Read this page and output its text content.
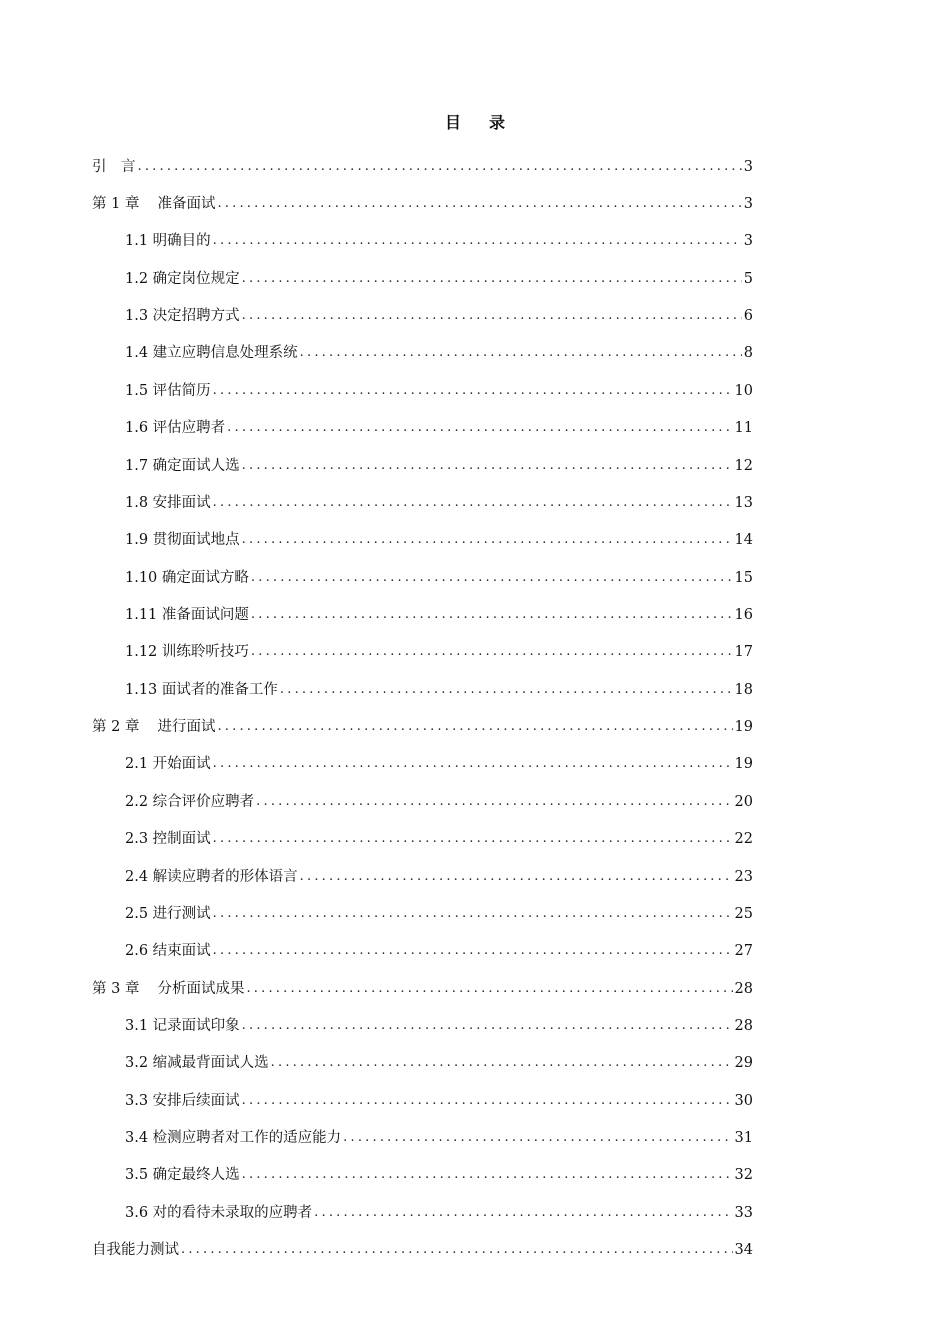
目 录
引　言 .....	3
第 1 章 准备面试 .....	3
1.1 明确目的 .....	3
1.2 确定岗位规定 .....	5
1.3 决定招聘方式 .....	6
1.4 建立应聘信息处理系统 .....	8
1.5 评估简历 .....	10
1.6 评估应聘者 .....	11
1.7 确定面试人选 .....	12
1.8 安排面试 .....	13
1.9 贯彻面试地点 .....	14
1.10 确定面试方略 .....	15
1.11 准备面试问题 .....	16
1.12 训练聆听技巧 .....	17
1.13 面试者的准备工作 .....	18
第 2 章 进行面试 .....	19
2.1 开始面试 .....	19
2.2 综合评价应聘者 .....	20
2.3 控制面试 .....	22
2.4 解读应聘者的形体语言 .....	23
2.5 进行测试 .....	25
2.6 结束面试 .....	27
第 3 章 分析面试成果 .....	28
3.1 记录面试印象 .....	28
3.2 缩减最背面试人选 .....	29
3.3 安排后续面试 .....	30
3.4 检测应聘者对工作的适应能力 .....	31
3.5 确定最终人选 .....	32
3.6 对的看待未录取的应聘者 .....	33
自我能力测试 .....	34
